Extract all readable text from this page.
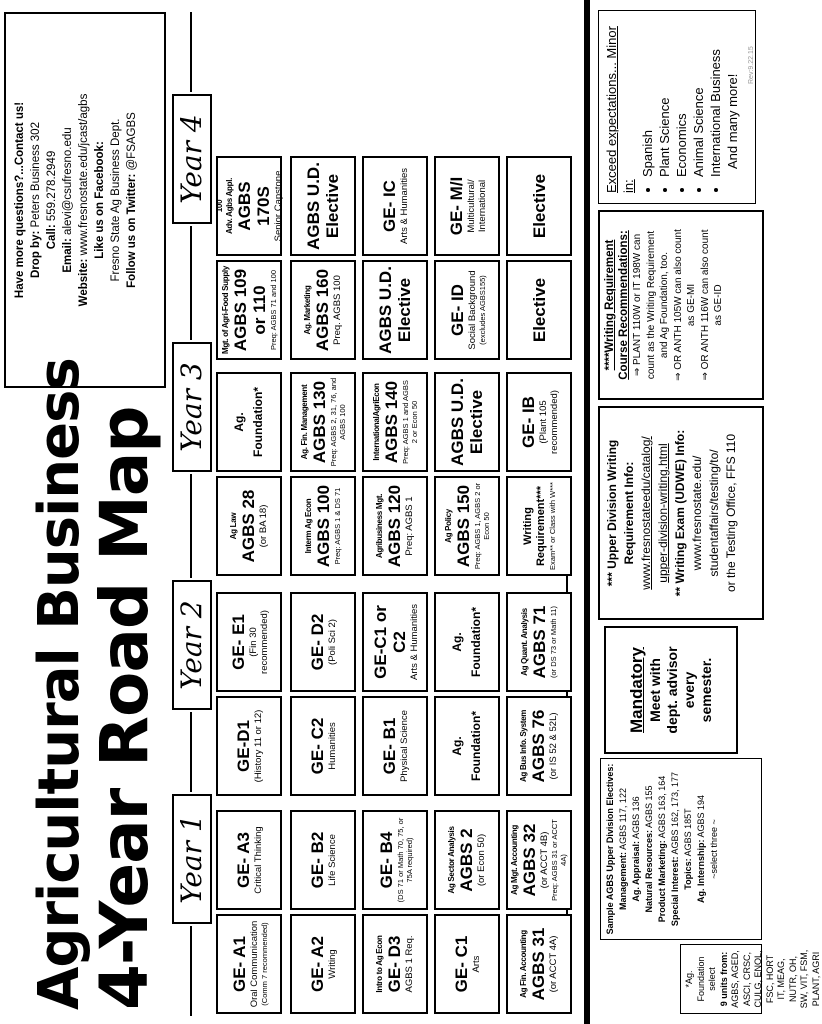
Agricultural Business
4-Year Road Map
Have more questions?...Contact us! Drop by: Peters Business 302
Call: 559.278.2949
Email: alevi@csufresno.edu
Website: www.fresnostate.edu/jcast/agbs Like us on Facebook: Fresno State Ag Business Dept. Follow us on Twitter: @FSAGBS
Year 1
Year 2
Year 3
Year 4
GE- A1 Oral Communication (Comm 7 recommended)
GE- A3 Critical Thinking
GE- A2 Writing
GE- B2 Life Science
Intro to Ag Econ GE- D3 AGBS 1 Req.
GE- B4 (DS 71 or Math 70, 75, or 75A required)
GE- C1 Arts
Ag Sector Analysis AGBS 2 (or Econ 50)
Ag Fin. Accounting AGBS 31 (or ACCT 4A)
Ag Mgt. Accounting AGBS 32 (or ACCT 4B) Preq: AGBS 31 or ACCT 4A)
GE-D1 (History 11 or 12)
GE- E1 (Fin 30 recommended)
GE- C2 Humanities
GE- D2 (Poli Sci 2)
GE- B1 Physical Science
GE-C1 or C2 Arts & Humanities
Ag. Foundation*
Ag. Foundation*
Ag Bus Info. System AGBS 76 (or IS 52 & 52L)
Ag Quant. Analysis AGBS 71 (or DS 73 or Math 11)
Ag Law AGBS 28 (or BA 18)
Ag. Foundation*
Interm Ag Econ AGBS 100 Preq: AGBS 1 & DS 71
Ag. Fin. Management AGBS 130 Preq: AGBS 2, 31, 76, and AGBS 100
Agribusiness Mgt. AGBS 120 Preq: AGBS 1
InternationalAgriEcon AGBS 140 Preq: AGBS 1 and AGBS 2 or Econ 50
Ag Policy AGBS 150 Preq: AGBS 1, AGBS 2 or Econ 50
AGBS U.D. Elective
Writing Requirement*** Exam** or Class with W***
GE- IB (Plant 105 recommended)
Mgt. of Agri-Food Supply AGBS 109 or 110 Preq: AGBS 71 and 100
100 Adv. Agbs Appl. AGBS 170S Senior Capstone
Ag. Marketing AGBS 160 Preq. AGBS 100
AGBS U.D. Elective
AGBS U.D. Elective
GE- IC Arts & Humanities
GE- ID Social Background (excludes AGBS155)
GE- M/I Multicultural/ International
Elective
Elective
*Ag. Foundation select 9 units from: AGBS, AGED, ASCI, CRSC, CULG, ENOL, FSC, HORT IT, MEAG, NUTR, OH, SW, VIT, FSM, PLANT, AGRI
Sample AGBS Upper Division Electives: Management: AGBS 117, 122
Ag. Appraisal: AGBS 136
Natural Resources: AGBS 155
Product Marketing: AGBS 163, 164
Special Interest: AGBS 162, 173, 177
Topics: AGBS 185T
Ag. Internship: AGBS 194
~select three ~
Mandatory Meet with dept. advisor every semester.
*** Upper Division Writing Requirement Info: www.fresnostateedu/catalog/ upper-division-writing.html ** Writing Exam (UDWE) Info: www.fresnostate.edu/ studentaffairs/testing/to/ or the Testing Office, FFS 110
****Writing Requirement Course Recommendations: ⇒ PLANT 110W or IT 198W can count as the Writing Requirement and Ag Foundation, too. ⇒ OR ANTH 105W can also count as GE-MI ⇒ OR ANTH 116W can also count as GE-ID
Exceed expectations... Minor in:
• Spanish • Plant Science • Economics • Animal Science • International Business And many more!
Rev:9.22.15
